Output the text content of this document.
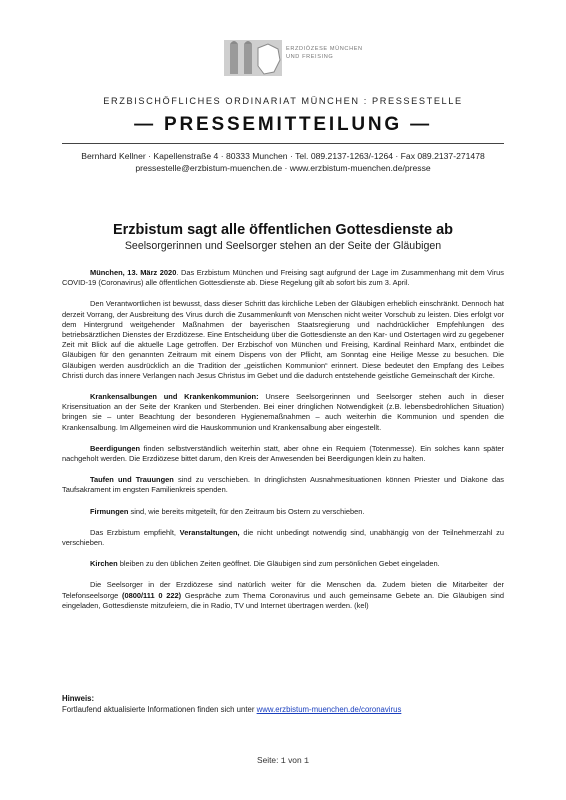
ERZDIÖZESE MÜNCHEN
UND FREISING
ERZBISCHÖFLICHES ORDINARIAT MÜNCHEN : PRESSESTELLE
— PRESSEMITTEILUNG —
Bernhard Kellner · Kapellenstraße 4 · 80333 Munchen · Tel. 089.2137-1263/-1264 · Fax 089.2137-271478
pressestelle@erzbistum-muenchen.de · www.erzbistum-muenchen.de/presse
Erzbistum sagt alle öffentlichen Gottesdienste ab
Seelsorgerinnen und Seelsorger stehen an der Seite der Gläubigen

München, 13. März 2020. Das Erzbistum München und Freising sagt aufgrund der Lage im Zusammenhang mit dem Virus COVID-19 (Coronavirus) alle öffentlichen Gottesdienste ab. Diese Regelung gilt ab sofort bis zum 3. April.

Den Verantwortlichen ist bewusst, dass dieser Schritt das kirchliche Leben der Gläubigen erheblich einschränkt. Dennoch hat derzeit Vorrang, der Ausbreitung des Virus durch die Zusammenkunft von Menschen nicht weiter Vorschub zu leisten. Dies erfolgt vor dem Hintergrund weitgehender Maßnahmen der bayerischen Staatsregierung und nachdrücklicher Empfehlungen des betriebsärztlichen Dienstes der Erzdiözese. Eine Entscheidung über die Gottesdienste an den Kar- und Ostertagen wird zu gegebener Zeit mit Blick auf die aktuelle Lage getroffen. Der Erzbischof von München und Freising, Kardinal Reinhard Marx, entbindet die Gläubigen für den genannten Zeitraum mit einem Dispens von der Pflicht, am Sonntag eine Heilige Messe zu besuchen. Die Gläubigen werden ausdrücklich an die Tradition der „geistlichen Kommunion“ erinnert. Diese bedeutet den Empfang des Leibes Christi durch das innere Verlangen nach Jesus Christus im Gebet und die dadurch entstehende geistliche Gemeinschaft der Kirche.

Krankensalbungen und Krankenkommunion: Unsere Seelsorgerinnen und Seelsorger stehen auch in dieser Krisensituation an der Seite der Kranken und Sterbenden. Bei einer dringlichen Notwendigkeit (z.B. lebensbedrohlichen Situation) bringen sie – unter Beachtung der besonderen Hygienemaßnahmen – auch weiterhin die Kommunion und spenden die Krankensalbung. Im Allgemeinen wird die Hauskommunion und Krankensalbung aber eingestellt.

Beerdigungen finden selbstverständlich weiterhin statt, aber ohne ein Requiem (Totenmesse). Ein solches kann später nachgeholt werden. Die Erzdiözese bittet darum, den Kreis der Anwesenden bei Beerdigungen klein zu halten.

Taufen und Trauungen sind zu verschieben. In dringlichsten Ausnahmesituationen können Priester und Diakone das Taufsakrament im engsten Familienkreis spenden.

Firmungen sind, wie bereits mitgeteilt, für den Zeitraum bis Ostern zu verschieben.

Das Erzbistum empfiehlt, Veranstaltungen, die nicht unbedingt notwendig sind, unabhängig von der Teilnehmerzahl zu verschieben.

Kirchen bleiben zu den üblichen Zeiten geöffnet. Die Gläubigen sind zum persönlichen Gebet eingeladen.

Die Seelsorger in der Erzdiözese sind natürlich weiter für die Menschen da. Zudem bieten die Mitarbeiter der Telefonseelsorge (0800/111 0 222) Gespräche zum Thema Coronavirus und auch gemeinsame Gebete an. Die Gläubigen sind eingeladen, Gottesdienste mitzufeiern, die in Radio, TV und Internet übertragen werden. (kel)

Hinweis:
Fortlaufend aktualisierte Informationen finden sich unter www.erzbistum-muenchen.de/coronavirus
Seite: 1 von 1
